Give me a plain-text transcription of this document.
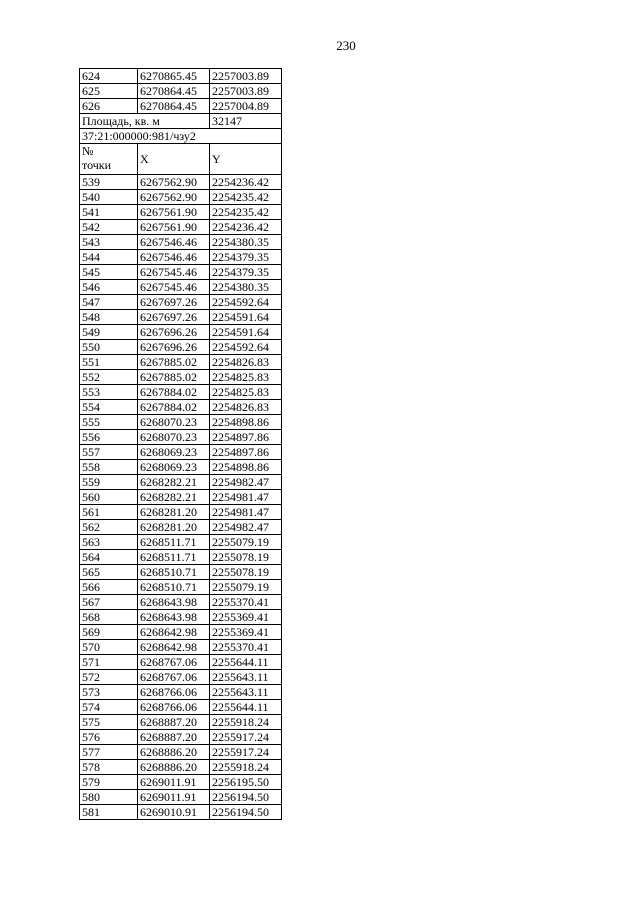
230
624	6270865.45	2257003.89
625	6270864.45	2257003.89
626	6270864.45	2257004.89
Площадь, кв. м		32147
37:21:000000:981/чзу2		
№
точки	X	Y
539	6267562.90	2254236.42
540	6267562.90	2254235.42
541	6267561.90	2254235.42
542	6267561.90	2254236.42
543	6267546.46	2254380.35
544	6267546.46	2254379.35
545	6267545.46	2254379.35
546	6267545.46	2254380.35
547	6267697.26	2254592.64
548	6267697.26	2254591.64
549	6267696.26	2254591.64
550	6267696.26	2254592.64
551	6267885.02	2254826.83
552	6267885.02	2254825.83
553	6267884.02	2254825.83
554	6267884.02	2254826.83
555	6268070.23	2254898.86
556	6268070.23	2254897.86
557	6268069.23	2254897.86
558	6268069.23	2254898.86
559	6268282.21	2254982.47
560	6268282.21	2254981.47
561	6268281.20	2254981.47
562	6268281.20	2254982.47
563	6268511.71	2255079.19
564	6268511.71	2255078.19
565	6268510.71	2255078.19
566	6268510.71	2255079.19
567	6268643.98	2255370.41
568	6268643.98	2255369.41
569	6268642.98	2255369.41
570	6268642.98	2255370.41
571	6268767.06	2255644.11
572	6268767.06	2255643.11
573	6268766.06	2255643.11
574	6268766.06	2255644.11
575	6268887.20	2255918.24
576	6268887.20	2255917.24
577	6268886.20	2255917.24
578	6268886.20	2255918.24
579	6269011.91	2256195.50
580	6269011.91	2256194.50
581	6269010.91	2256194.50
